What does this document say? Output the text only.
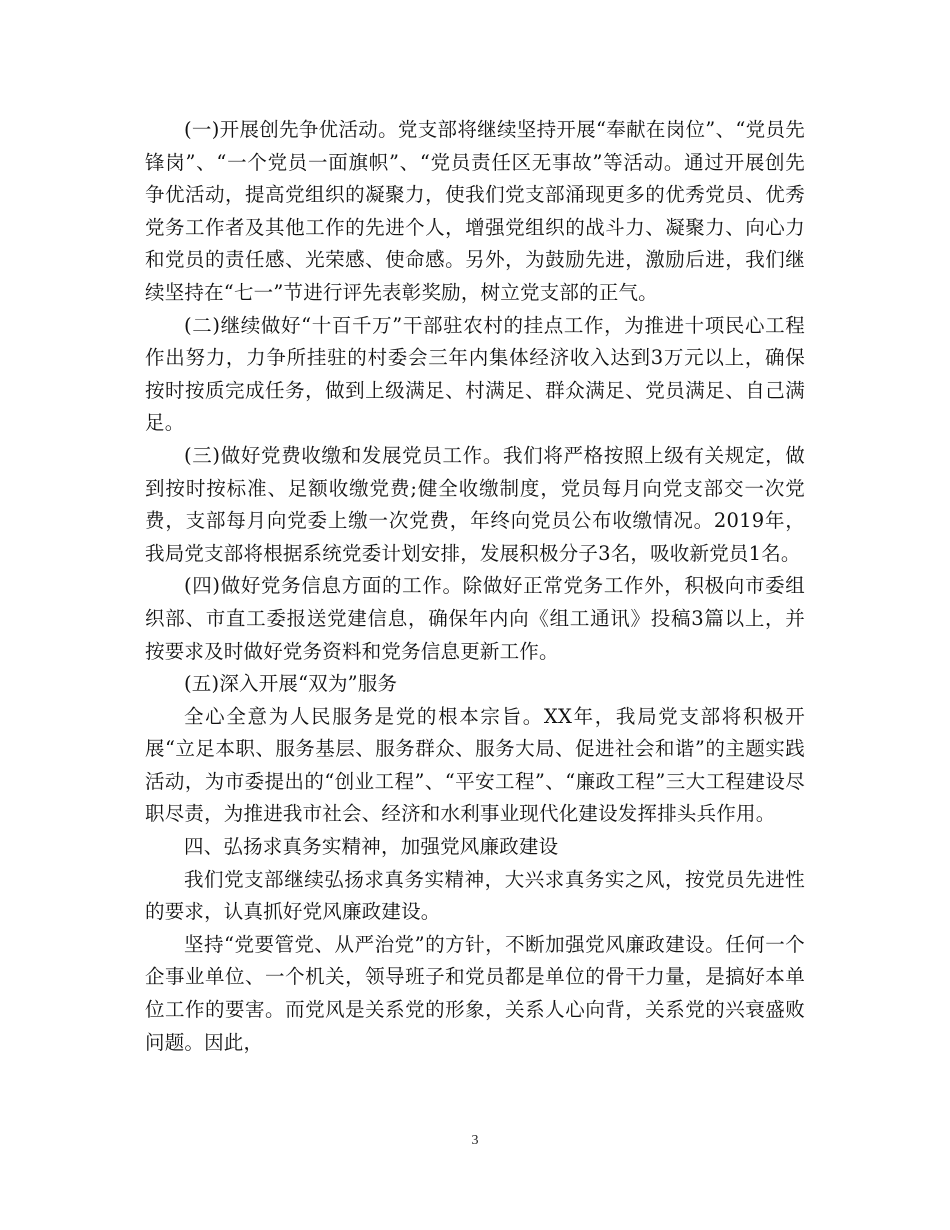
(一)开展创先争优活动。党支部将继续坚持开展“奉献在岗位”、“党员先锋岗”、“一个党员一面旗帜”、“党员责任区无事故”等活动。通过开展创先争优活动，提高党组织的凝聚力，使我们党支部涌现更多的优秀党员、优秀党务工作者及其他工作的先进个人，增强党组织的战斗力、凝聚力、向心力和党员的责任感、光荣感、使命感。另外，为鼓励先进，激励后进，我们继续坚持在“七一”节进行评先表彰奖励，树立党支部的正气。

(二)继续做好“十百千万”干部驻农村的挂点工作，为推进十项民心工程作出努力，力争所挂驻的村委会三年内集体经济收入达到3万元以上，确保按时按质完成任务，做到上级满足、村满足、群众满足、党员满足、自己满足。

(三)做好党费收缴和发展党员工作。我们将严格按照上级有关规定，做到按时按标准、足额收缴党费;健全收缴制度，党员每月向党支部交一次党费，支部每月向党委上缴一次党费，年终向党员公布收缴情况。2019年，我局党支部将根据系统党委计划安排，发展积极分子3名，吸收新党员1名。

(四)做好党务信息方面的工作。除做好正常党务工作外，积极向市委组织部、市直工委报送党建信息，确保年内向《组工通讯》投稿3篇以上，并按要求及时做好党务资料和党务信息更新工作。

(五)深入开展“双为”服务

全心全意为人民服务是党的根本宗旨。XX年，我局党支部将积极开展“立足本职、服务基层、服务群众、服务大局、促进社会和谐”的主题实践活动，为市委提出的“创业工程”、“平安工程”、“廉政工程”三大工程建设尽职尽责，为推进我市社会、经济和水利事业现代化建设发挥排头兵作用。

四、弘扬求真务实精神，加强党风廉政建设

我们党支部继续弘扬求真务实精神，大兴求真务实之风，按党员先进性的要求，认真抓好党风廉政建设。

坚持“党要管党、从严治党”的方针，不断加强党风廉政建设。任何一个企事业单位、一个机关，领导班子和党员都是单位的骨干力量，是搞好本单位工作的要害。而党风是关系党的形象，关系人心向背，关系党的兴衰盛败问题。因此，

3
